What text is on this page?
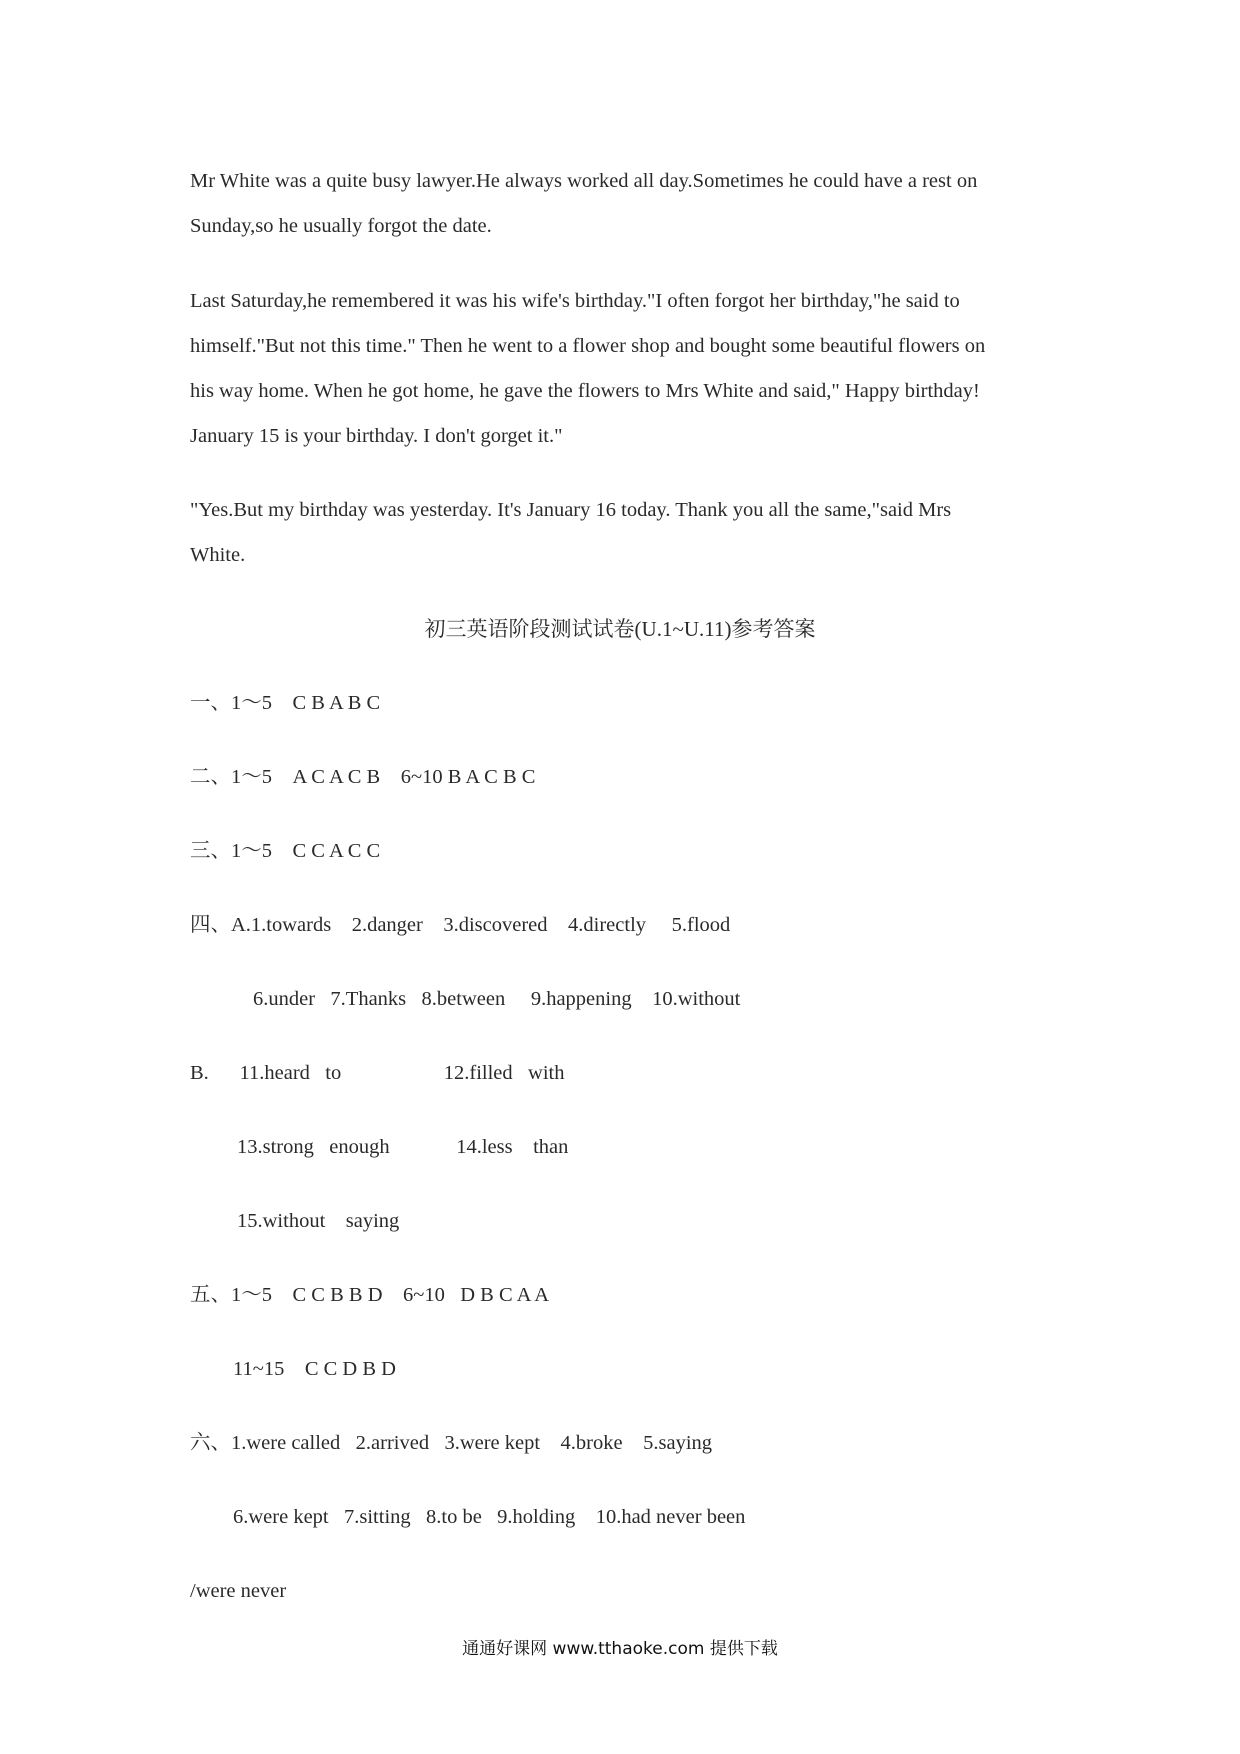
Mr White was a quite busy lawyer.He always worked all day.Sometimes he could have a rest on
Sunday,so he usually forgot the date.

Last Saturday,he remembered it was his wife's birthday."I often forgot her birthday,"he said to
himself."But not this time." Then he went to a flower shop and bought some beautiful flowers on
his way home. When he got home, he gave the flowers to Mrs White and said," Happy birthday!
January 15 is your birthday. I don't gorget it."

"Yes.But my birthday was yesterday. It's January 16 today. Thank you all the same,"said Mrs
White.

初三英语阶段测试试卷(U.1~U.11)参考答案
一、1～5    C B A B C
二、1～5    A C A C B    6~10 B A C B C
三、1～5    C C A C C
四、A.1.towards    2.danger    3.discovered    4.directly     5.flood
6.under   7.Thanks   8.between     9.happening    10.without
B.      11.heard   to                    12.filled   with
13.strong   enough             14.less    than
15.without    saying
五、1～5    C C B B D    6~10   D B C A A
11~15    C C D B D
六、1.were called   2.arrived   3.were kept    4.broke    5.saying
6.were kept   7.sitting   8.to be   9.holding    10.had never been
/were never
通通好课网 www.tthaoke.com 提供下载
